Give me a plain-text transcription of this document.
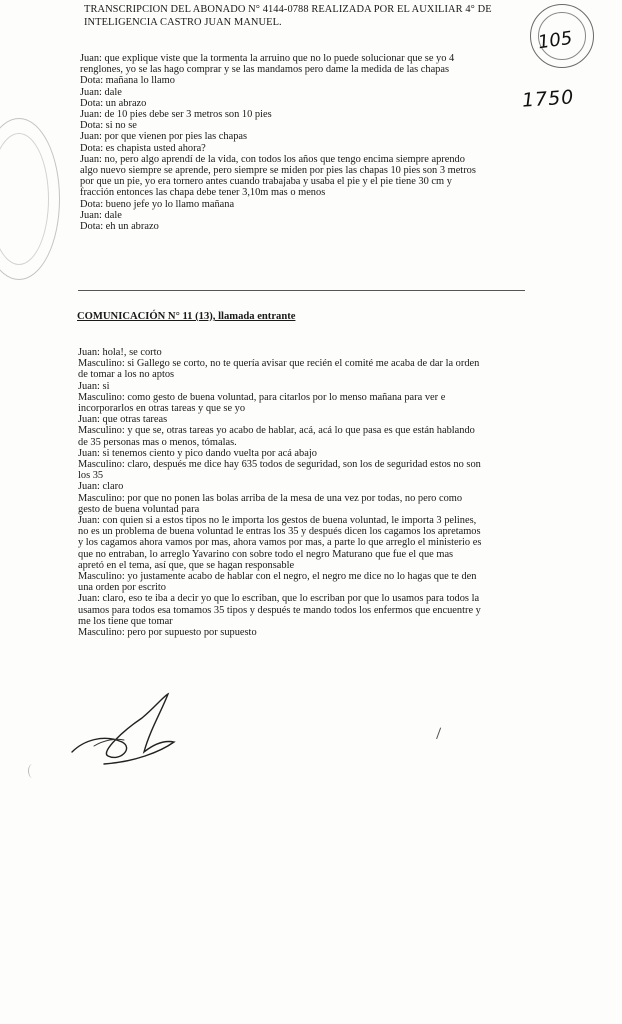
TRANSCRIPCION DEL ABONADO N° 4144-0788 REALIZADA POR EL AUXILIAR 4° DE
INTELIGENCIA CASTRO JUAN MANUEL.
105
1750

Juan: que explique viste que la tormenta la arruino que no lo puede solucionar que se yo 4

renglones, yo se las hago comprar y se las mandamos pero dame la medida de las chapas

Dota: mañana lo llamo

Juan: dale

Dota: un abrazo

Juan: de 10 pies debe ser 3 metros son 10 pies

Dota: si no se

Juan: por que vienen por pies las chapas

Dota: es chapista usted ahora?

Juan: no, pero algo aprendí de la vida, con todos los años que tengo encima siempre aprendo

algo nuevo siempre se aprende, pero siempre se miden por pies las chapas 10 pies son 3 metros

por que un pie, yo era tornero antes cuando trabajaba y usaba el pie y el pie tiene 30 cm y

fracción entonces las chapa debe tener 3,10m mas o menos

Dota: bueno jefe yo lo llamo mañana

Juan: dale

Dota: eh un abrazo

COMUNICACIÓN N° 11 (13), llamada entrante

Juan: hola!, se corto

Masculino: si Gallego se corto, no te quería avisar que recién el comité me acaba de dar la orden

de tomar a los no aptos

Juan: si

Masculino: como gesto de buena voluntad, para citarlos por lo menso mañana para ver e

incorporarlos en otras tareas y que se yo

Juan: que otras tareas

Masculino: y que se, otras tareas yo acabo de hablar, acá, acá lo que pasa es que están hablando

de 35 personas mas o menos, tómalas.

Juan: si tenemos ciento y pico dando vuelta por acá abajo

Masculino: claro, después me dice hay 635 todos de seguridad, son los de seguridad estos no son

los 35

Juan: claro

Masculino: por que no ponen las bolas arriba de la mesa de una vez por todas, no pero como

gesto de buena voluntad para

Juan: con quien si a estos tipos no le importa los gestos de buena voluntad, le importa 3 pelines,

no es un problema de buena voluntad le entras los 35 y después dicen los cagamos los apretamos

y los cagamos ahora vamos por mas, ahora vamos por mas, a parte lo que arreglo el ministerio es

que no entraban, lo arreglo Yavarino con sobre todo el negro Maturano que fue el que mas

apretó en el tema, así que, que se hagan responsable

Masculino: yo justamente acabo de hablar con el negro, el negro me dice no lo hagas que te den

una orden por escrito

Juan: claro, eso te iba a decir yo que lo escriban, que lo escriban por que lo usamos para todos la

usamos para todos esa tomamos 35 tipos y después te mando todos los enfermos que encuentre y

me los tiene que tomar

Masculino: pero por supuesto por supuesto
